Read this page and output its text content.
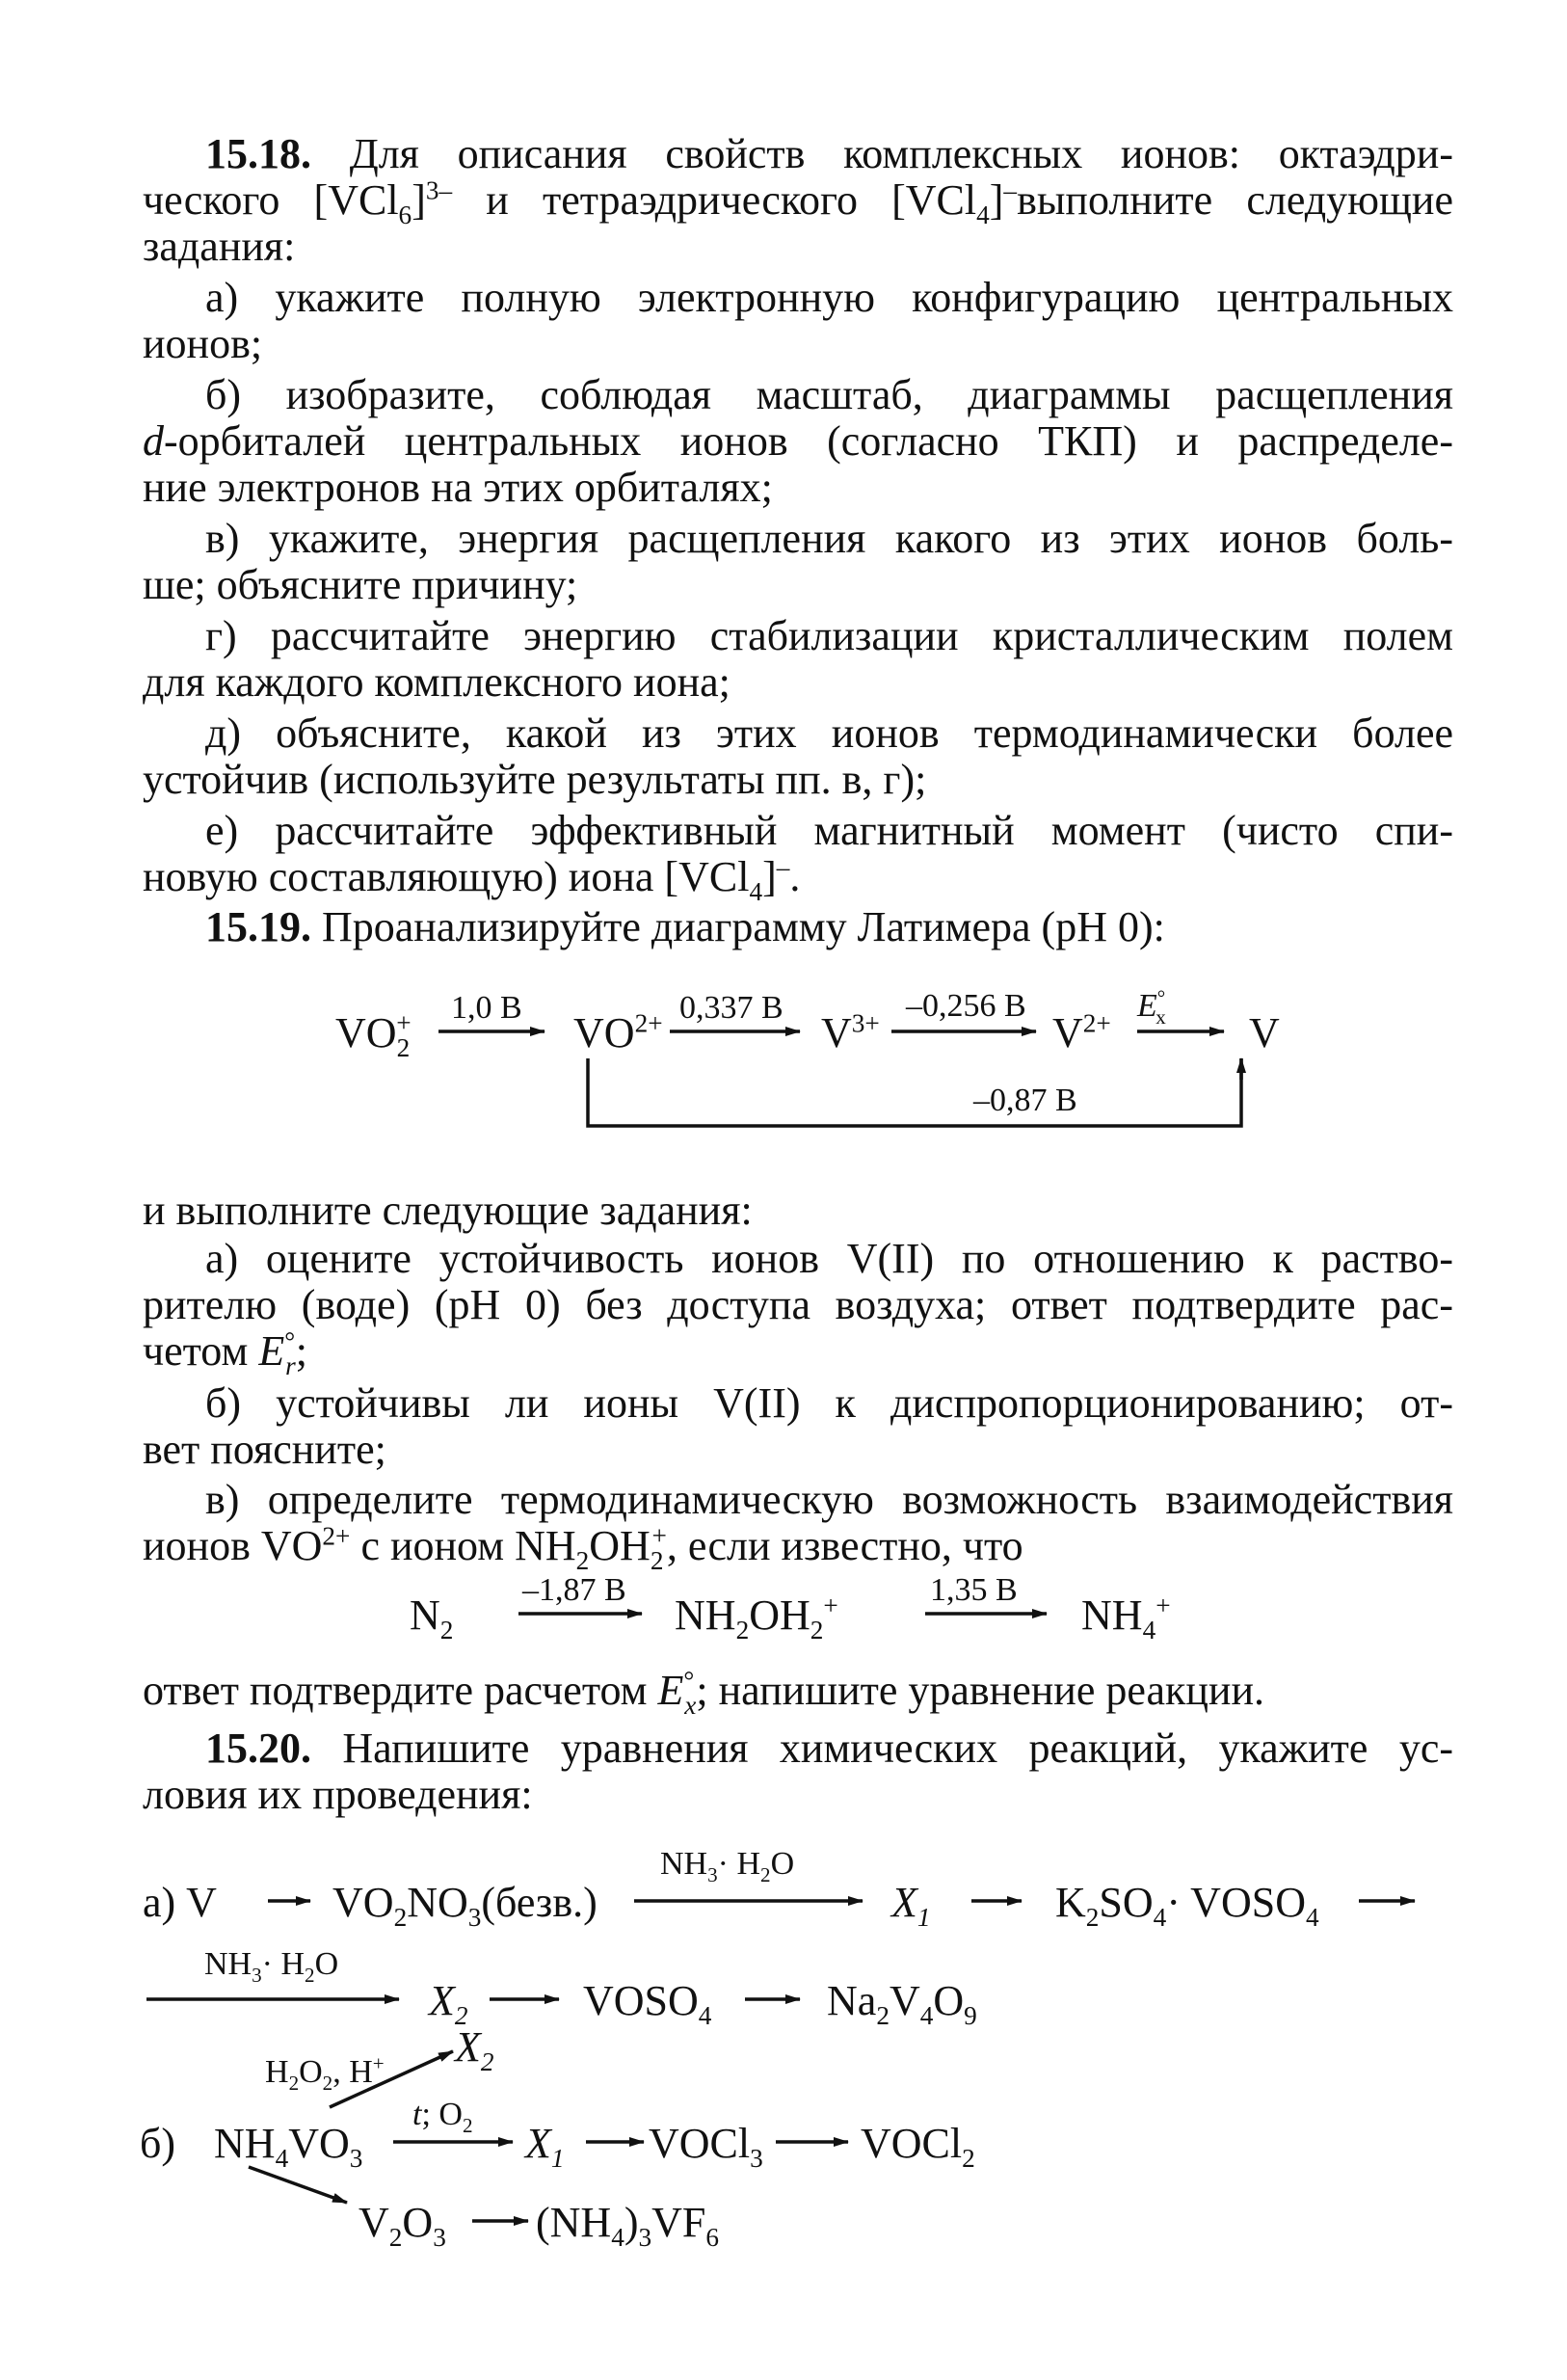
15.18. Для описания свойств комплексных ионов: октаэдри-
ческого $[VCl_6]^{3-}$ и тетраэдрического [VCl$_4$]–выполните следующие
задания:
а) укажите полную электронную конфигурацию центральных
ионов;
б) изобразите, соблюдая масштаб, диаграммы расщепления
d-орбиталей центральных ионов (согласно ТКП) и распределе-
ние электронов на этих орбиталях;
в) укажите, энергия расщепления какого из этих ионов боль-
ше; объясните причину;
г) рассчитайте энергию стабилизации кристаллическим полем
для каждого комплексного иона;
д) объясните, какой из этих ионов термодинамически более
устойчив (используйте результаты пп. в, г);
е) рассчитайте эффективный магнитный момент (чисто спи-
новую составляющую) иона [VCl$_4$]–.
15.19. Проанализируйте диаграмму Латимера (pH 0):
$VO_2^+$ 1,0 В
$VO^{2+}$ 0,337 В
$V^{3+}$ –0,256 В
$V^{2+}$ $E^\circ_x$ V
–0,87 В
и выполните следующие задания:
а) оцените устойчивость ионов V(II) по отношению к раство-
рителю (воде) (pH 0) без доступа воздуха; ответ подтвердите рас-
четом $E^\circ_r$;
б) устойчивы ли ионы V(II) к диспропорционированию; от-
вет поясните;
в) определите термодинамическую возможность взаимодействия
ионов $VO^{2+}$ с ионом $NH_2OH_2^+$, если известно, что
$N_2$
–1,87 В
$NH_2OH_2^+$	1,35 В
$NH_4^+$
ответ подтвердите расчетом $E^\circ_x$; напишите уравнение реакции.
15.20. Напишите уравнения химических реакций, укажите ус-
ловия их проведения:
а) V	$VO_2NO_3(безв.)$
$NH_3\cdot H_2O$
$X_1$	$K_2SO_4\cdot$ $VOSO_4$
$NH_3\cdot H_2O$
$X_2$	$VOSO_4$	$Na_2V_4O_9$
б) $NH_4VO_3$
$H_2O_2$, H+ $X_2$
t; $O_2$ $X_1$ VOCl$_3$ VOCl$_2$
$V_2O_3$ $(NH_4)_3VF_6$
